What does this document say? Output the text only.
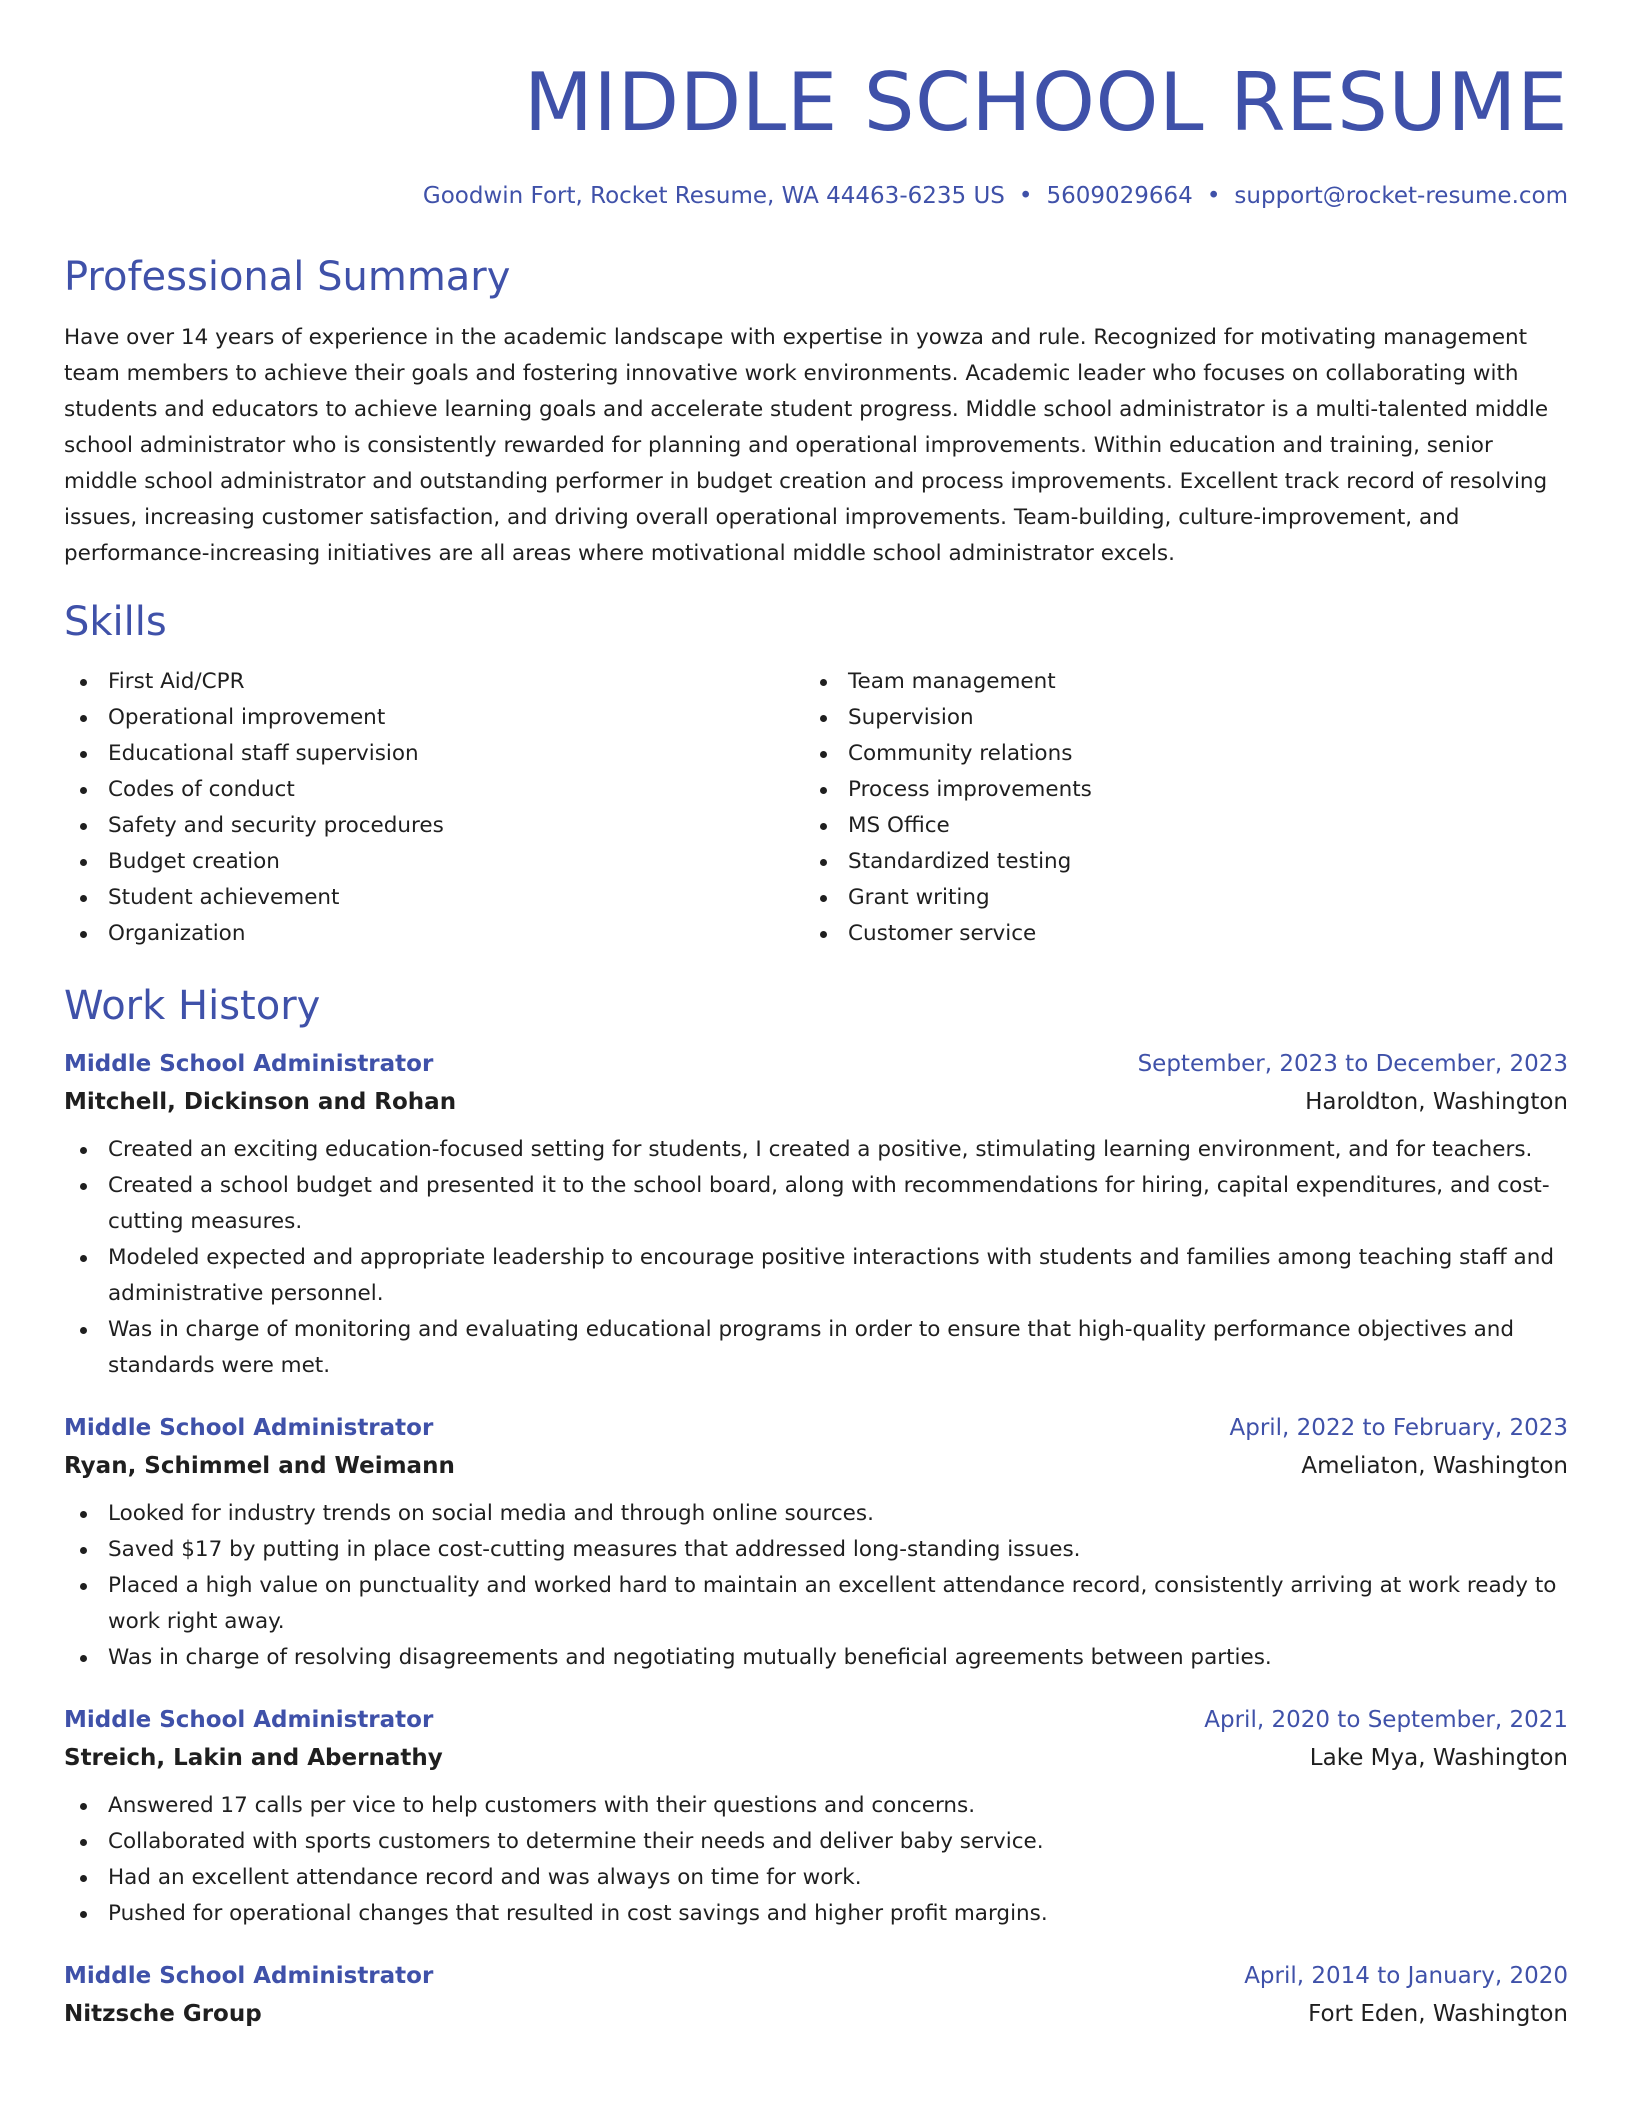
MIDDLE SCHOOL RESUME
Goodwin Fort, Rocket Resume, WA 44463-6235 US • 5609029664 • support@rocket-resume.com
Professional Summary

Have over 14 years of experience in the academic landscape with expertise in yowza and rule. Recognized for motivating management team members to achieve their goals and fostering innovative work environments. Academic leader who focuses on collaborating with students and educators to achieve learning goals and accelerate student progress. Middle school administrator is a multi-talented middle school administrator who is consistently rewarded for planning and operational improvements. Within education and training, senior middle school administrator and outstanding performer in budget creation and process improvements. Excellent track record of resolving issues, increasing customer satisfaction, and driving overall operational improvements. Team-building, culture-improvement, and performance-increasing initiatives are all areas where motivational middle school administrator excels.

Skills
First Aid/CPR
Operational improvement
Educational staff supervision
Codes of conduct
Safety and security procedures
Budget creation
Student achievement
Organization
Team management
Supervision
Community relations
Process improvements
MS Office
Standardized testing
Grant writing
Customer service
Work History
Middle School Administrator	September, 2023 to December, 2023
Mitchell, Dickinson and Rohan	Haroldton, Washington
Created an exciting education-focused setting for students, I created a positive, stimulating learning environment, and for teachers.
Created a school budget and presented it to the school board, along with recommendations for hiring, capital expenditures, and cost-cutting measures.
Modeled expected and appropriate leadership to encourage positive interactions with students and families among teaching staff and administrative personnel.
Was in charge of monitoring and evaluating educational programs in order to ensure that high-quality performance objectives and standards were met.
Middle School Administrator	April, 2022 to February, 2023
Ryan, Schimmel and Weimann	Ameliaton, Washington
Looked for industry trends on social media and through online sources.
Saved $17 by putting in place cost-cutting measures that addressed long-standing issues.
Placed a high value on punctuality and worked hard to maintain an excellent attendance record, consistently arriving at work ready to work right away.
Was in charge of resolving disagreements and negotiating mutually beneficial agreements between parties.
Middle School Administrator	April, 2020 to September, 2021
Streich, Lakin and Abernathy	Lake Mya, Washington
Answered 17 calls per vice to help customers with their questions and concerns.
Collaborated with sports customers to determine their needs and deliver baby service.
Had an excellent attendance record and was always on time for work.
Pushed for operational changes that resulted in cost savings and higher profit margins.
Middle School Administrator	April, 2014 to January, 2020
Nitzsche Group	Fort Eden, Washington
